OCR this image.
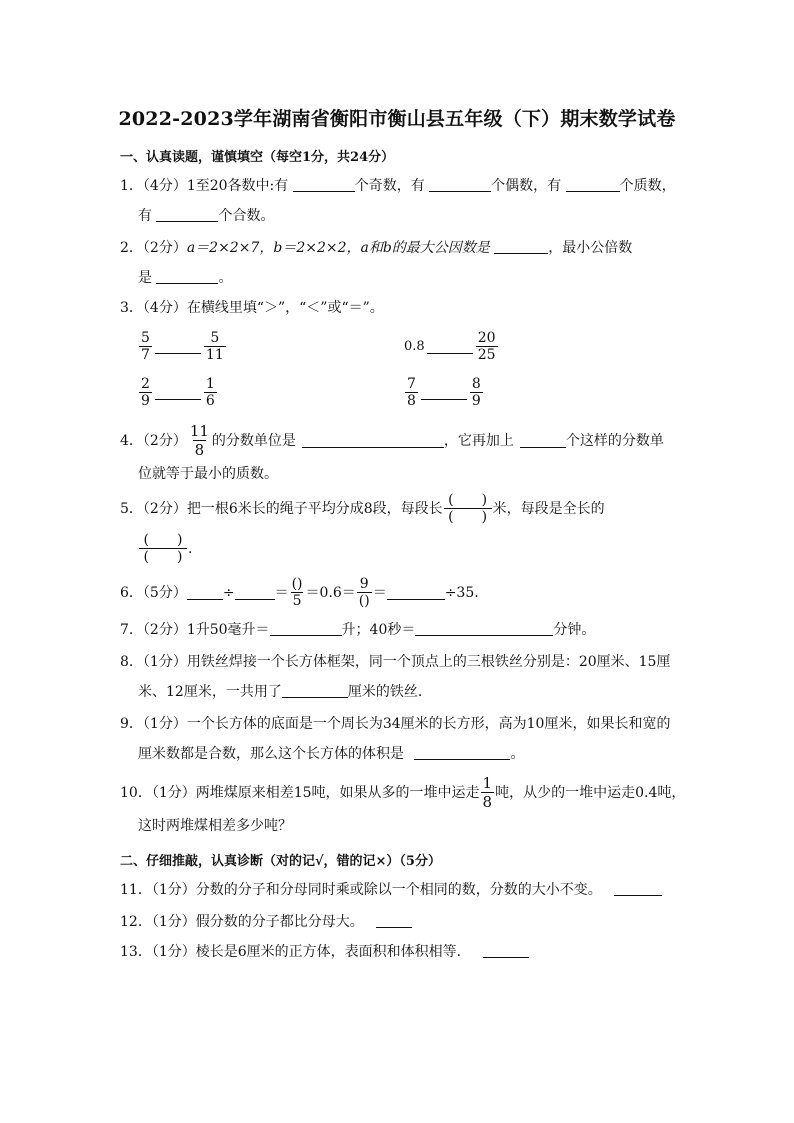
2022-2023学年湖南省衡阳市衡山县五年级（下）期末数学试卷
一、认真读题，谨慎填空（每空1分，共24分）
1．（4分）1至20各数中:有	个奇数，有	个偶数，有	个质数，
有	个合数。
2．（2分）a＝2×2×7，b＝2×2×2，a和b的最大公因数是	，最小公倍数
是	。
3．（4分）在横线里填“＞”，“＜”或“＝”。
$\frac{5}{7}$	$\frac{5}{11}$	0.8	$\frac{20}{25}$
$\frac{2}{9}$	$\frac{1}{6}$	$\frac{7}{8}$	$\frac{8}{9}$
4．（2分） $\frac{11}{8}$ 的分数单位是	，它再加上	个这样的分数单
位就等于最小的质数。
5．（2分）把一根6米长的绳子平均分成8段，每段长 $\frac{( )}{( )}$ 米，每段是全长的
$\frac{( )}{( )}$ .
6．（5分）	÷	＝ $\frac{()}{5} =0.6= \frac{9}{()}$ ＝	÷35.
7．（2分）1升50毫升＝	升；40秒＝	分钟。
8．（1分）用铁丝焊接一个长方体框架，同一个顶点上的三根铁丝分别是：20厘米、15厘
米、12厘米，一共用了	厘米的铁丝．
9．（1分）一个长方体的底面是一个周长为34厘米的长方形，高为10厘米，如果长和宽的
厘米数都是合数，那么这个长方体的体积是	。
10．（1分）两堆煤原来相差15吨，如果从多的一堆中运走 $\frac{1}{8}$ 吨，从少的一堆中运走0.4吨，
这时两堆煤相差多少吨？
二、仔细推敲，认真诊断（对的记√，错的记×）（5分）
11．（1分）分数的分子和分母同时乘或除以一个相同的数，分数的大小不变。
12．（1分）假分数的分子都比分母大。
13．（1分）棱长是6厘米的正方体，表面积和体积相等．
